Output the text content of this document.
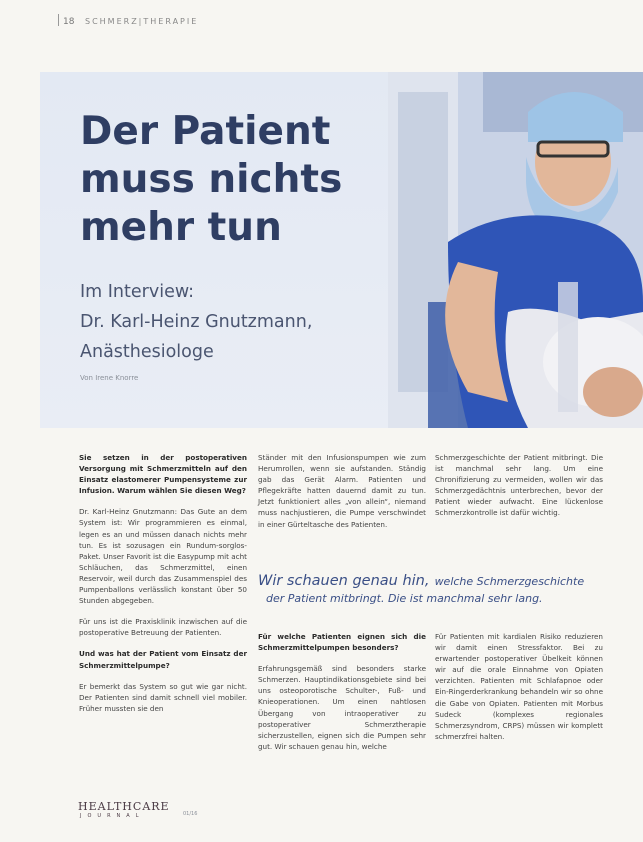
18 SCHMERZ|THERAPIE
Der Patient
muss nichts
mehr tun
Im Interview:
Dr. Karl-Heinz Gnutzmann,
Anästhesiologe
Von Irene Knorre

Sie setzen in der postoperativen Versorgung mit Schmerzmitteln auf den Einsatz elastomerer Pumpensysteme zur Infusion. Warum wählen Sie diesen Weg?

Dr. Karl-Heinz Gnutzmann: Das Gute an dem System ist: Wir programmieren es einmal, legen es an und müssen danach nichts mehr tun. Es ist sozusagen ein Rundum-sorglos-Paket. Unser Favorit ist die Easypump mit acht Schläuchen, das Schmerzmittel, einen Reservoir, weil durch das Zusammenspiel des Pumpenballons verlässlich konstant über 50 Stunden abgegeben.

Für uns ist die Praxisklinik inzwischen auf die postoperative Betreuung der Patienten.

Und was hat der Patient vom Einsatz der Schmerzmittelpumpe?

Er bemerkt das System so gut wie gar nicht. Der Patienten sind damit schnell viel mobiler. Früher mussten sie den

Ständer mit den Infusionspumpen wie zum Herumrollen, wenn sie aufstanden. Ständig gab das Gerät Alarm. Patienten und Pflegekräfte hatten dauernd damit zu tun. Jetzt funktioniert alles „von allein“, niemand muss nachjustieren, die Pumpe verschwindet in einer Gürteltasche des Patienten.

Schmerzgeschichte der Patient mitbringt. Die ist manchmal sehr lang. Um eine Chronifizierung zu vermeiden, wollen wir das Schmerzgedächtnis unterbrechen, bevor der Patient wieder aufwacht. Eine lückenlose Schmerzkontrolle ist dafür wichtig.

Wir schauen genau hin, welche Schmerzgeschichte
der Patient mitbringt. Die ist manchmal sehr lang.

Für welche Patienten eignen sich die Schmerzmittelpumpen besonders?

Erfahrungsgemäß sind besonders starke Schmerzen. Hauptindikationsgebiete sind bei uns osteoporotische Schulter-, Fuß- und Knieoperationen. Um einen nahtlosen Übergang von intraoperativer zu postoperativer Schmerztherapie sicherzustellen, eignen sich die Pumpen sehr gut. Wir schauen genau hin, welche

Für Patienten mit kardialen Risiko reduzieren wir damit einen Stressfaktor. Bei zu erwartender postoperativer Übelkeit können wir auf die orale Einnahme von Opiaten verzichten. Patienten mit Schlafapnoe oder Ein-Ringerderkrankung behandeln wir so ohne die Gabe von Opiaten. Patienten mit Morbus Sudeck (komplexes regionales Schmerzsyndrom, CRPS) müssen wir komplett schmerzfrei halten.

HEALTHCARE
JOURNAL	01/16
